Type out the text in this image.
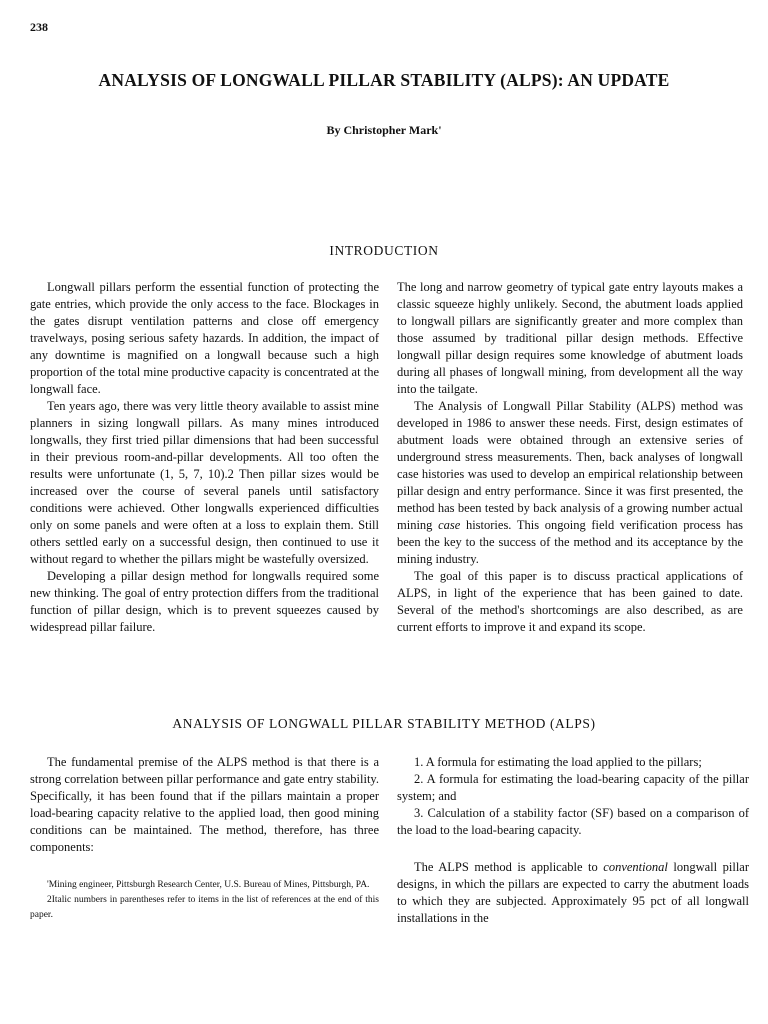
238
ANALYSIS OF LONGWALL PILLAR STABILITY (ALPS): AN UPDATE
By Christopher Mark'
INTRODUCTION

Longwall pillars perform the essential function of protecting the gate entries, which provide the only access to the face. Blockages in the gates disrupt ventilation patterns and close off emergency travelways, posing serious safety hazards. In addition, the impact of any downtime is magnified on a longwall because such a high proportion of the total mine productive capacity is concentrated at the longwall face.

Ten years ago, there was very little theory available to assist mine planners in sizing longwall pillars. As many mines introduced longwalls, they first tried pillar dimensions that had been successful in their previous room-and-pillar developments. All too often the results were unfortunate (1, 5, 7, 10).2 Then pillar sizes would be increased over the course of several panels until satisfactory conditions were achieved. Other longwalls experienced difficulties only on some panels and were often at a loss to explain them. Still others settled early on a successful design, then continued to use it without regard to whether the pillars might be wastefully oversized.

Developing a pillar design method for longwalls required some new thinking. The goal of entry protection differs from the traditional function of pillar design, which is to prevent squeezes caused by widespread pillar failure.

The long and narrow geometry of typical gate entry layouts makes a classic squeeze highly unlikely. Second, the abutment loads applied to longwall pillars are significantly greater and more complex than those assumed by traditional pillar design methods. Effective longwall pillar design requires some knowledge of abutment loads during all phases of longwall mining, from development all the way into the tailgate.

The Analysis of Longwall Pillar Stability (ALPS) method was developed in 1986 to answer these needs. First, design estimates of abutment loads were obtained through an extensive series of underground stress measurements. Then, back analyses of longwall case histories was used to develop an empirical relationship between pillar design and entry performance. Since it was first presented, the method has been tested by back analysis of a growing number actual mining case histories. This ongoing field verification process has been the key to the success of the method and its acceptance by the mining industry.

The goal of this paper is to discuss practical applications of ALPS, in light of the experience that has been gained to date. Several of the method's shortcomings are also described, as are current efforts to improve it and expand its scope.

ANALYSIS OF LONGWALL PILLAR STABILITY METHOD (ALPS)

The fundamental premise of the ALPS method is that there is a strong correlation between pillar performance and gate entry stability. Specifically, it has been found that if the pillars maintain a proper load-bearing capacity relative to the applied load, then good mining conditions can be maintained. The method, therefore, has three components:

'Mining engineer, Pittsburgh Research Center, U.S. Bureau of Mines, Pittsburgh, PA.

2Italic numbers in parentheses refer to items in the list of references at the end of this paper.

1. A formula for estimating the load applied to the pillars;

2. A formula for estimating the load-bearing capacity of the pillar system; and

3. Calculation of a stability factor (SF) based on a comparison of the load to the load-bearing capacity.

The ALPS method is applicable to conventional longwall pillar designs, in which the pillars are expected to carry the abutment loads to which they are subjected. Approximately 95 pct of all longwall installations in the
